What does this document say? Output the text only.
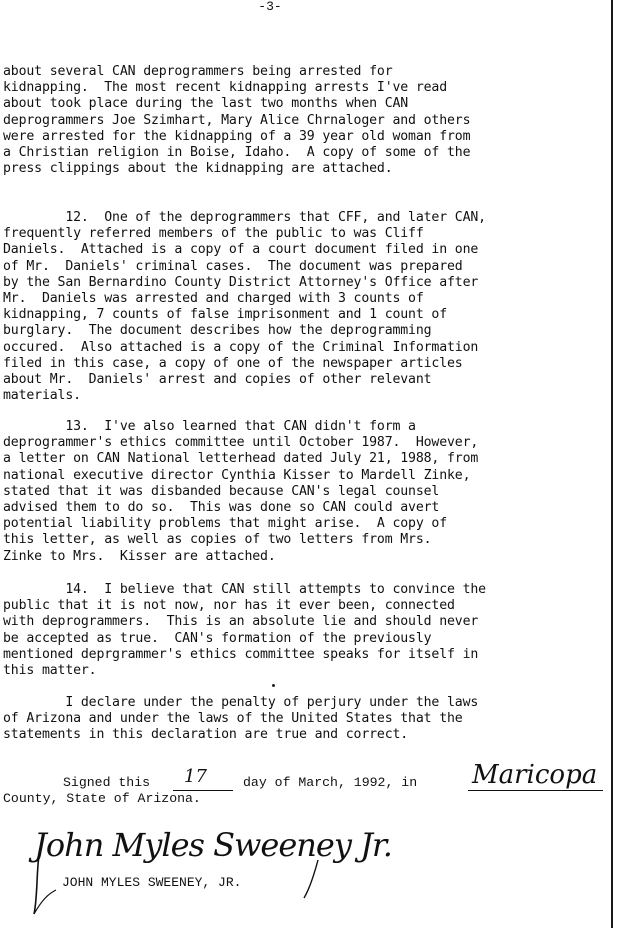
-3-
about several CAN deprogrammers being arrested for
kidnapping.  The most recent kidnapping arrests I've read
about took place during the last two months when CAN
deprogrammers Joe Szimhart, Mary Alice Chrnaloger and others
were arrested for the kidnapping of a 39 year old woman from
a Christian religion in Boise, Idaho.  A copy of some of the
press clippings about the kidnapping are attached.
12.  One of the deprogrammers that CFF, and later CAN,
frequently referred members of the public to was Cliff
Daniels.  Attached is a copy of a court document filed in one
of Mr.  Daniels' criminal cases.  The document was prepared
by the San Bernardino County District Attorney's Office after
Mr.  Daniels was arrested and charged with 3 counts of
kidnapping, 7 counts of false imprisonment and 1 count of
burglary.  The document describes how the deprogramming
occured.  Also attached is a copy of the Criminal Information
filed in this case, a copy of one of the newspaper articles
about Mr.  Daniels' arrest and copies of other relevant
materials.
13.  I've also learned that CAN didn't form a
deprogrammer's ethics committee until October 1987.  However,
a letter on CAN National letterhead dated July 21, 1988, from
national executive director Cynthia Kisser to Mardell Zinke,
stated that it was disbanded because CAN's legal counsel
advised them to do so.  This was done so CAN could avert
potential liability problems that might arise.  A copy of
this letter, as well as copies of two letters from Mrs.
Zinke to Mrs.  Kisser are attached.
14.  I believe that CAN still attempts to convince the
public that it is not now, nor has it ever been, connected
with deprogrammers.  This is an absolute lie and should never
be accepted as true.  CAN's formation of the previously
mentioned deprgrammer's ethics committee speaks for itself in
this matter.
I declare under the penalty of perjury under the laws
of Arizona and under the laws of the United States that the
statements in this declaration are true and correct.
Signed this 17	day of March, 1992, in Maricopa
County, State of Arizona.
John Myles Sweeney Jr.
JOHN MYLES SWEENEY, JR.
